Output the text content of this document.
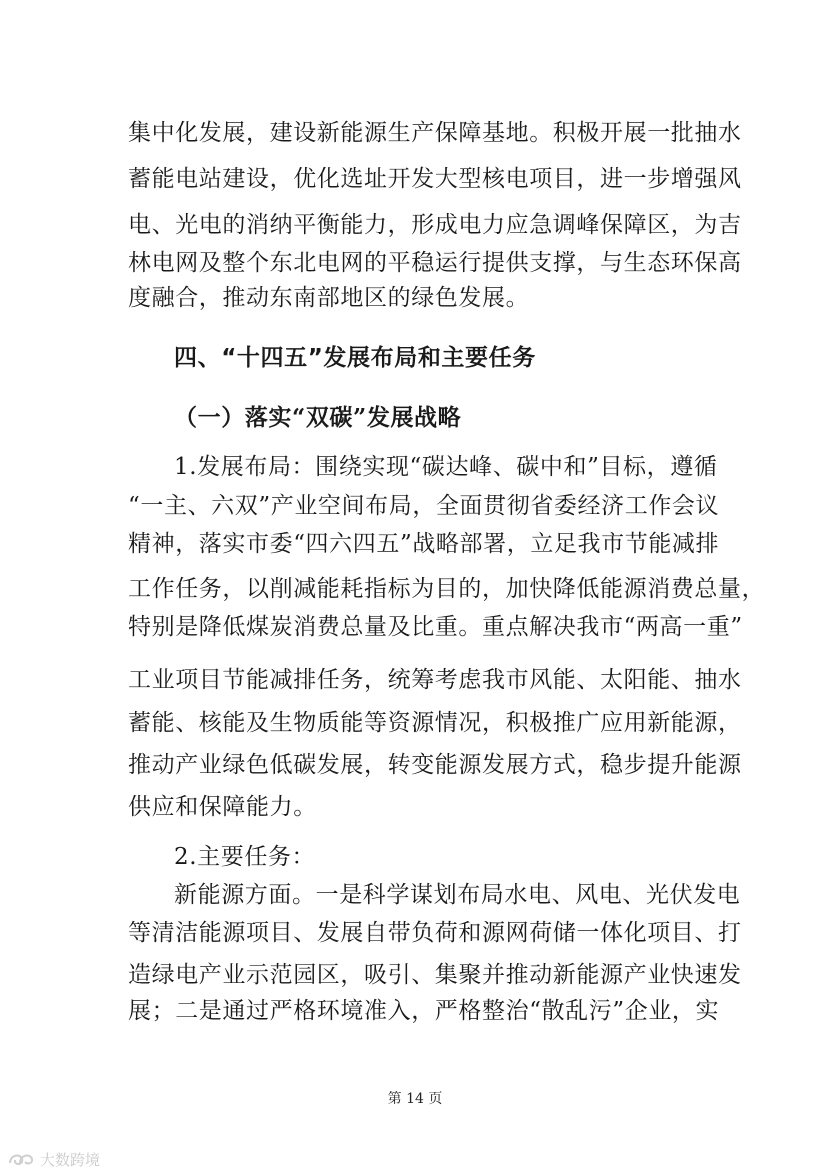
集中化发展，建设新能源生产保障基地。积极开展一批抽水
蓄能电站建设，优化选址开发大型核电项目，进一步增强风
电、光电的消纳平衡能力，形成电力应急调峰保障区，为吉
林电网及整个东北电网的平稳运行提供支撑，与生态环保高
度融合，推动东南部地区的绿色发展。
四、“十四五”发展布局和主要任务
（一）落实“双碳”发展战略
1.发展布局：围绕实现“碳达峰、碳中和”目标，遵循
“一主、六双”产业空间布局，全面贯彻省委经济工作会议
精神，落实市委“四六四五”战略部署，立足我市节能减排
工作任务，以削减能耗指标为目的，加快降低能源消费总量，
特别是降低煤炭消费总量及比重。重点解决我市“两高一重”
工业项目节能减排任务，统筹考虑我市风能、太阳能、抽水
蓄能、核能及生物质能等资源情况，积极推广应用新能源，
推动产业绿色低碳发展，转变能源发展方式，稳步提升能源
供应和保障能力。
2.主要任务：
新能源方面。一是科学谋划布局水电、风电、光伏发电
等清洁能源项目、发展自带负荷和源网荷储一体化项目、打
造绿电产业示范园区，吸引、集聚并推动新能源产业快速发
展；二是通过严格环境准入，严格整治“散乱污”企业，实
第 14 页
大数跨境
